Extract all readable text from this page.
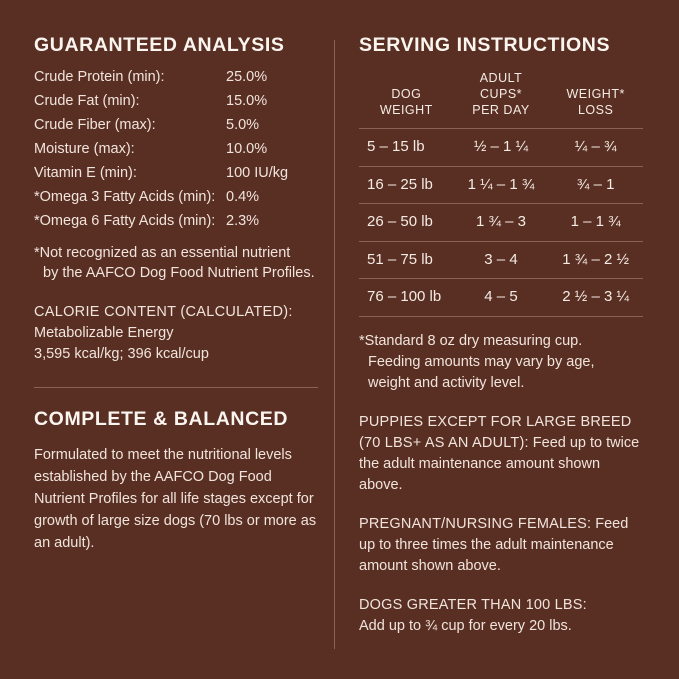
GUARANTEED ANALYSIS
Crude Protein (min):	25.0%
Crude Fat (min):	15.0%
Crude Fiber (max):	5.0%
Moisture (max):	10.0%
Vitamin E (min):	100 IU/kg
*Omega 3 Fatty Acids (min): 0.4%
*Omega 6 Fatty Acids (min): 2.3%
*Not recognized as an essential nutrient
by the AAFCO Dog Food Nutrient Profiles.
CALORIE CONTENT (CALCULATED):
Metabolizable Energy
3,595 kcal/kg; 396 kcal/cup
COMPLETE & BALANCED
Formulated to meet the nutritional levels established by the AAFCO Dog Food Nutrient Profiles for all life stages except for growth of large size dogs (70 lbs or more as an adult).
SERVING INSTRUCTIONS
DOG
WEIGHT

ADULT CUPS*
PER DAY

WEIGHT*
LOSS

5 – 15 lb	½ – 1 ¼	¼ – ¾
16 – 25 lb	1 ¼ – 1 ¾	¾ – 1
26 – 50 lb	1 ¾ – 3	1 – 1 ¾
51 – 75 lb	3 – 4	1 ¾ – 2 ½
76 – 100 lb	4 – 5	2 ½ – 3 ¼
*Standard 8 oz dry measuring cup.
Feeding amounts may vary by age,
weight and activity level.
PUPPIES EXCEPT FOR LARGE BREED
(70 LBS+ AS AN ADULT): Feed up to twice the adult maintenance amount shown above.
PREGNANT/NURSING FEMALES: Feed up to three times the adult maintenance amount shown above.
DOGS GREATER THAN 100 LBS:
Add up to ¾ cup for every 20 lbs.
